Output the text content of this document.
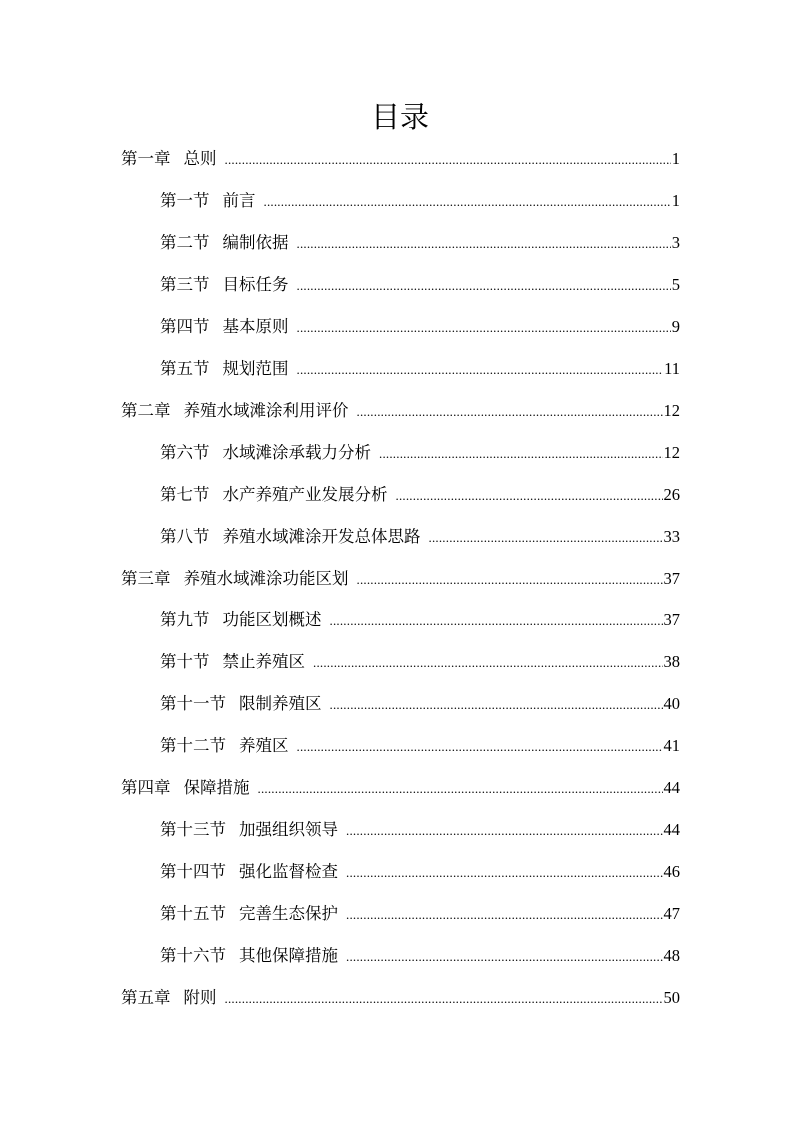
目录
第一章 总则 .....	1
第一节 前言 .....	1
第二节 编制依据 .....	3
第三节 目标任务 .....	5
第四节 基本原则 .....	9
第五节 规划范围 .....	11
第二章 养殖水域滩涂利用评价 .....	12
第六节 水域滩涂承载力分析 .....	12
第七节 水产养殖产业发展分析 .....	26
第八节 养殖水域滩涂开发总体思路 .....	33
第三章 养殖水域滩涂功能区划 .....	37
第九节 功能区划概述 .....	37
第十节 禁止养殖区 .....	38
第十一节 限制养殖区 .....	40
第十二节 养殖区 .....	41
第四章 保障措施 .....	44
第十三节 加强组织领导 .....	44
第十四节 强化监督检查 .....	46
第十五节 完善生态保护 .....	47
第十六节 其他保障措施 .....	48
第五章 附则 .....	50
